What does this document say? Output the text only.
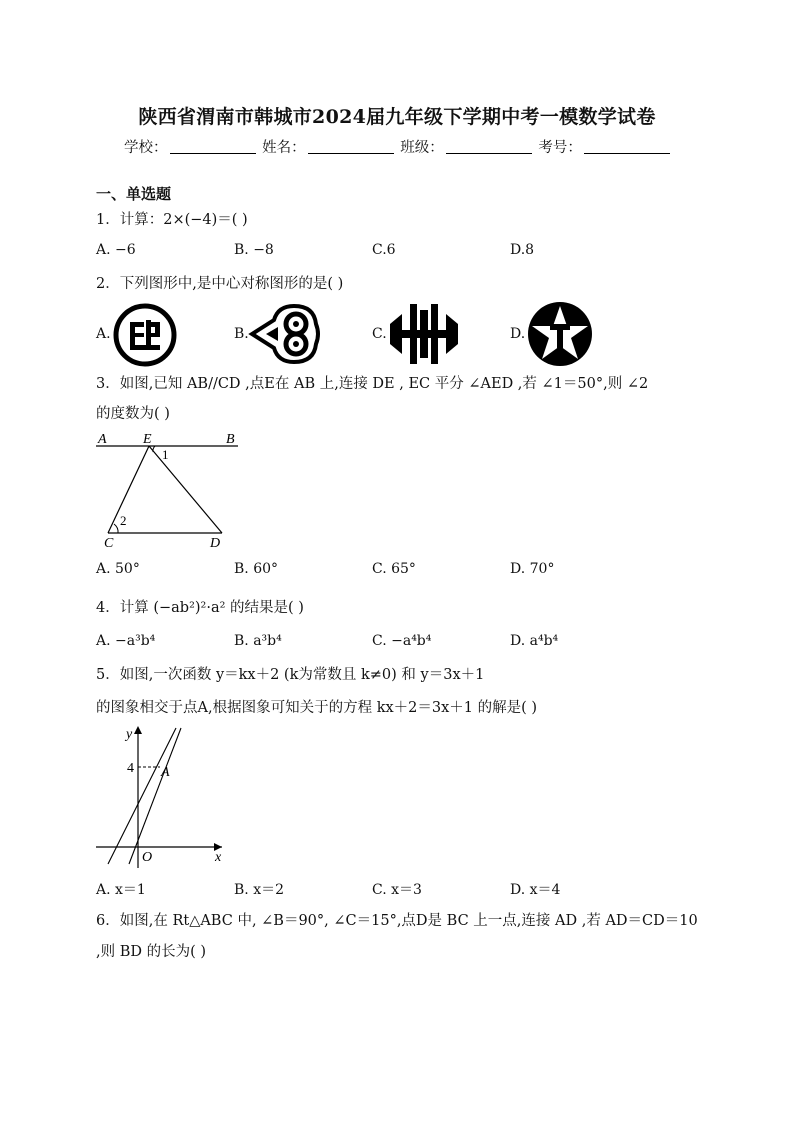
陕西省渭南市韩城市2024届九年级下学期中考一模数学试卷
学校：	姓名：	班级：	考号：
一、单选题
1．计算：2×(−4)＝( )
A. −6	B. −8	C.6	D.8
2．下列图形中,是中心对称图形的是( )
A.	B.	C.	D.
3．如图,已知 AB//CD ,点E在 AB 上,连接 DE , EC 平分 ∠AED ,若 ∠1＝50°,则 ∠2
的度数为( )
A	E	B
1
2
C	D
A. 50°	B. 60°	C. 65°	D. 70°
4．计算 (−ab²)²·a² 的结果是( )
A. −a³b⁴	B. a³b⁴	C. −a⁴b⁴	D. a⁴b⁴
5．如图,一次函数 y＝kx＋2 (k为常数且 k≠0) 和 y＝3x＋1
的图象相交于点A,根据图象可知关于的方程 kx＋2＝3x＋1 的解是( )
y
4 A
O	x
A. x＝1	B. x＝2	C. x＝3	D. x＝4
6．如图,在 Rt△ABC 中, ∠B＝90°, ∠C＝15°,点D是 BC 上一点,连接 AD ,若 AD＝CD＝10
,则 BD 的长为( )
